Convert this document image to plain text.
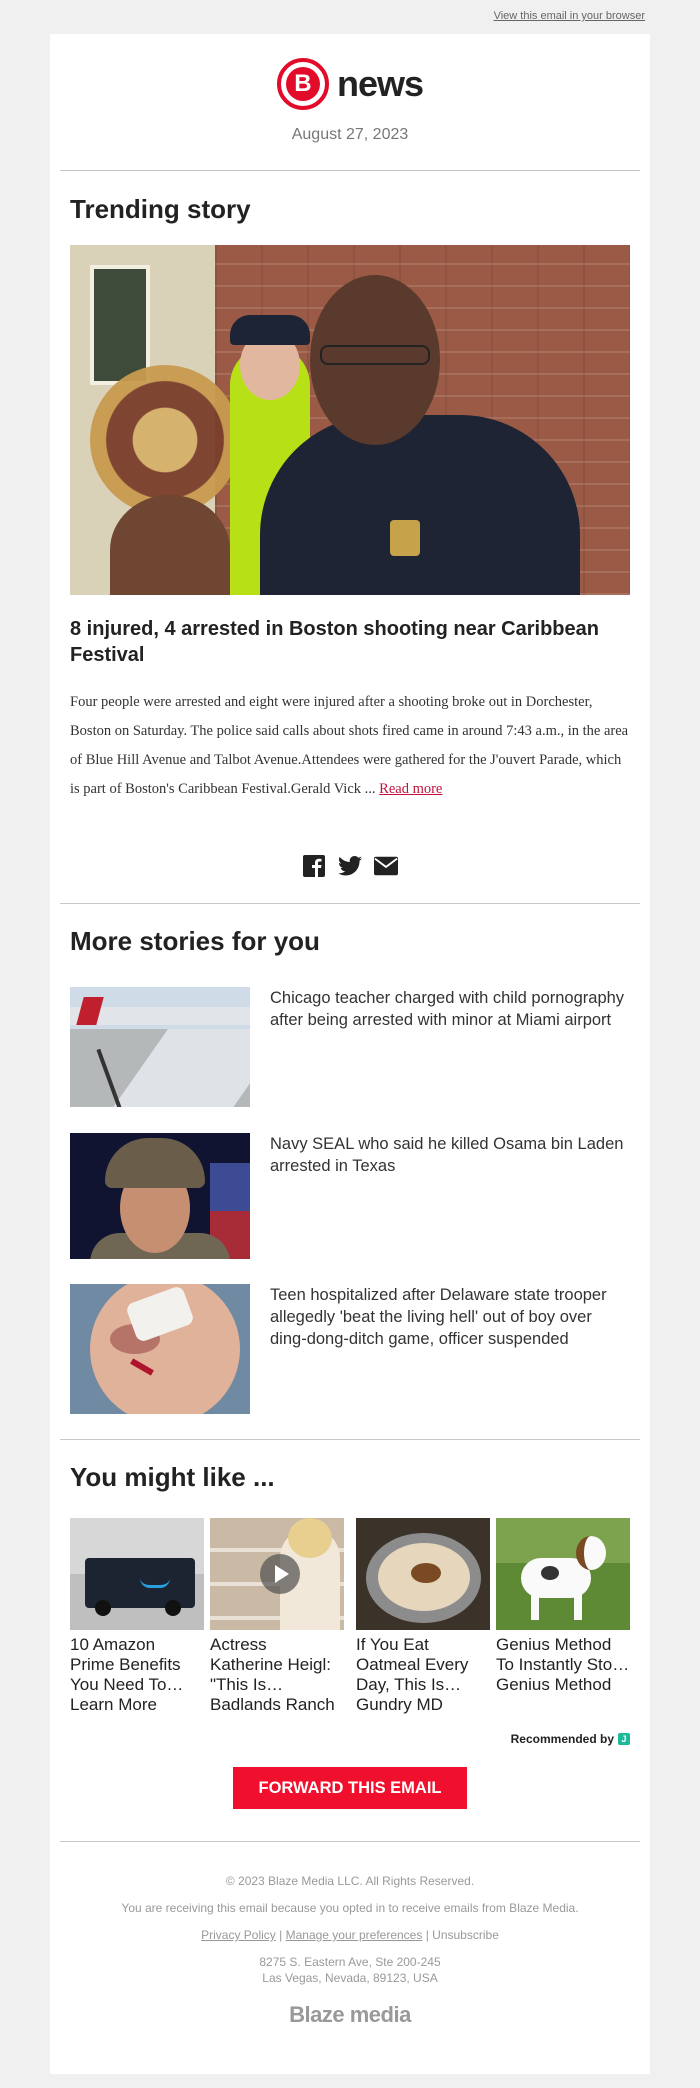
View this email in your browser
B news
August 27, 2023
Trending story
8 injured, 4 arrested in Boston shooting near Caribbean Festival
Four people were arrested and eight were injured after a shooting broke out in Dorchester, Boston on Saturday. The police said calls about shots fired came in around 7:43 a.m., in the area of Blue Hill Avenue and Talbot Avenue.Attendees were gathered for the J'ouvert Parade, which is part of Boston's Caribbean Festival.Gerald Vick ... Read more
More stories for you
Chicago teacher charged with child pornography after being arrested with minor at Miami airport
Navy SEAL who said he killed Osama bin Laden arrested in Texas
Teen hospitalized after Delaware state trooper allegedly 'beat the living hell' out of boy over ding-dong-ditch game, officer suspended
You might like ...
10 Amazon Prime Benefits You Need To…
Learn More
Actress Katherine Heigl: "This Is…
Badlands Ranch
If You Eat Oatmeal Every Day, This Is…
Gundry MD
Genius Method To Instantly Sto…
Genius Method
Recommended by J
FORWARD THIS EMAIL
© 2023 Blaze Media LLC. All Rights Reserved.
You are receiving this email because you opted in to receive emails from Blaze Media.
Privacy Policy | Manage your preferences | Unsubscribe
8275 S. Eastern Ave, Ste 200-245
Las Vegas, Nevada, 89123, USA
Blaze media
